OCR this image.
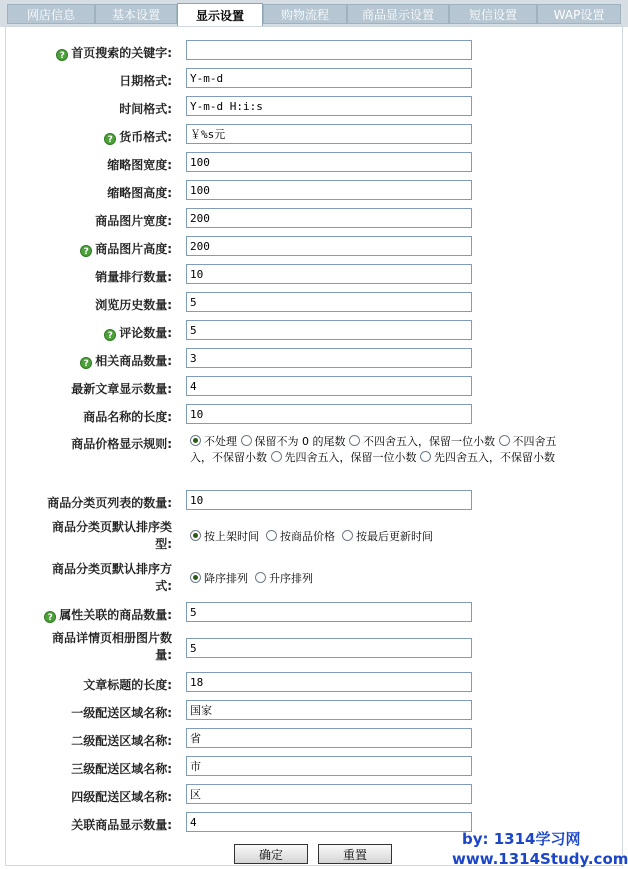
网店信息	基本设置	显示设置	购物流程	商品显示设置	短信设置	WAP设置
? 首页搜索的关键字:
日期格式:
Y-m-d
时间格式:
Y-m-d H:i:s
? 货币格式:
￥%s元
缩略图宽度:
100
缩略图高度:
100
商品图片宽度:
200
? 商品图片高度:
200
销量排行数量:
10
浏览历史数量:
5
? 评论数量:
5
? 相关商品数量:
3
最新文章显示数量:
4
商品名称的长度:
10
商品价格显示规则:	不处理 保留不为 0 的尾数 不四舍五入，保留一位小数 不四舍五入，不保留小数 先四舍五入，保留一位小数 先四舍五入，不保留小数
商品分类页列表的数量:
10
商品分类页默认排序类
型:
按上架时间 按商品价格 按最后更新时间
商品分类页默认排序方
式:
降序排列 升序排列
? 属性关联的商品数量:
5
商品详情页相册图片数
量:
5
文章标题的长度:
18
一级配送区域名称:
国家
二级配送区域名称:
省
三级配送区域名称:
市
四级配送区域名称:
区
关联商品显示数量:
4
确定	重置
by: 1314学习网
www.1314Study.com
